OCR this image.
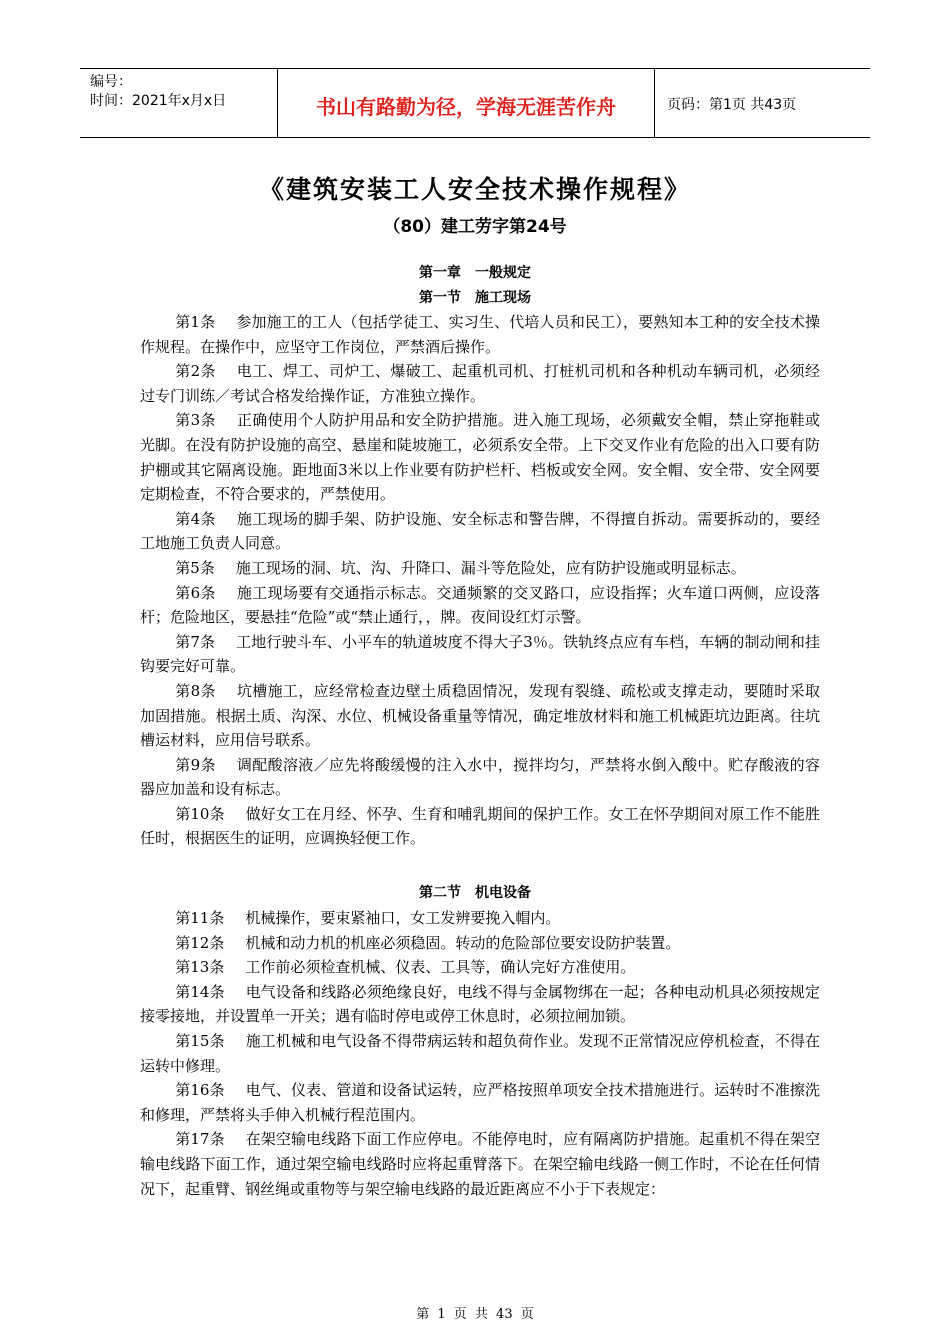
编号：
时间：2021年x月x日	书山有路勤为径，学海无涯苦作舟	页码：第1页 共43页
《建筑安装工人安全技术操作规程》
（80）建工劳字第24号
第一章　一般规定
第一节　施工现场

第1条 参加施工的工人（包括学徒工、实习生、代培人员和民工），要熟知本工种的安全技术操作规程。在操作中，应坚守工作岗位，严禁酒后操作。

第2条 电工、焊工、司炉工、爆破工、起重机司机、打桩机司机和各种机动车辆司机，必须经过专门训练／考试合格发给操作证，方准独立操作。

第3条 正确使用个人防护用品和安全防护措施。进入施工现场，必须戴安全帽，禁止穿拖鞋或光脚。在没有防护设施的高空、悬崖和陡坡施工，必须系安全带。上下交叉作业有危险的出入口要有防护棚或其它隔离设施。距地面3米以上作业要有防护栏杆、档板或安全网。安全帽、安全带、安全网要定期检查，不符合要求的，严禁使用。

第4条 施工现场的脚手架、防护设施、安全标志和警告牌，不得擅自拆动。需要拆动的，要经工地施工负责人同意。

第5条 施工现场的洞、坑、沟、升降口、漏斗等危险处，应有防护设施或明显标志。

第6条 施工现场要有交通指示标志。交通频繁的交叉路口，应设指挥；火车道口两侧，应设落杆；危险地区，要悬挂“危险”或“禁止通行，，牌。夜间设红灯示警。

第7条 工地行驶斗车、小平车的轨道坡度不得大子3％。铁轨终点应有车档，车辆的制动闸和挂钩要完好可靠。

第8条 坑槽施工，应经常检查边壁土质稳固情况，发现有裂缝、疏松或支撑走动，要随时采取加固措施。根据土质、沟深、水位、机械设备重量等情况，确定堆放材料和施工机械距坑边距离。往坑槽运材料，应用信号联系。

第9条 调配酸溶液／应先将酸缓慢的注入水中，搅拌均匀，严禁将水倒入酸中。贮存酸液的容器应加盖和设有标志。

第10条 做好女工在月经、怀孕、生育和哺乳期间的保护工作。女工在怀孕期间对原工作不能胜任时，根据医生的证明，应调换轻便工作。

第二节　机电设备

第11条 机械操作，要束紧袖口，女工发辨要挽入帽内。

第12条 机械和动力机的机座必须稳固。转动的危险部位要安设防护装置。

第13条 工作前必须检查机械、仪表、工具等，确认完好方准使用。

第14条 电气设备和线路必须绝缘良好，电线不得与金属物绑在一起；各种电动机具必须按规定接零接地，并设置单一开关；遇有临时停电或停工休息时，必须拉闸加锁。

第15条 施工机械和电气设备不得带病运转和超负荷作业。发现不正常情况应停机检查，不得在运转中修理。

第16条 电气、仪表、管道和设备试运转，应严格按照单项安全技术措施进行。运转时不准擦洗和修理，严禁将头手伸入机械行程范围内。

第17条 在架空输电线路下面工作应停电。不能停电时，应有隔离防护措施。起重机不得在架空输电线路下面工作，通过架空输电线路时应将起重臂落下。在架空输电线路一侧工作时，不论在任何情况下，起重臂、钢丝绳或重物等与架空输电线路的最近距离应不小于下表规定：

第 1 页 共 43 页
